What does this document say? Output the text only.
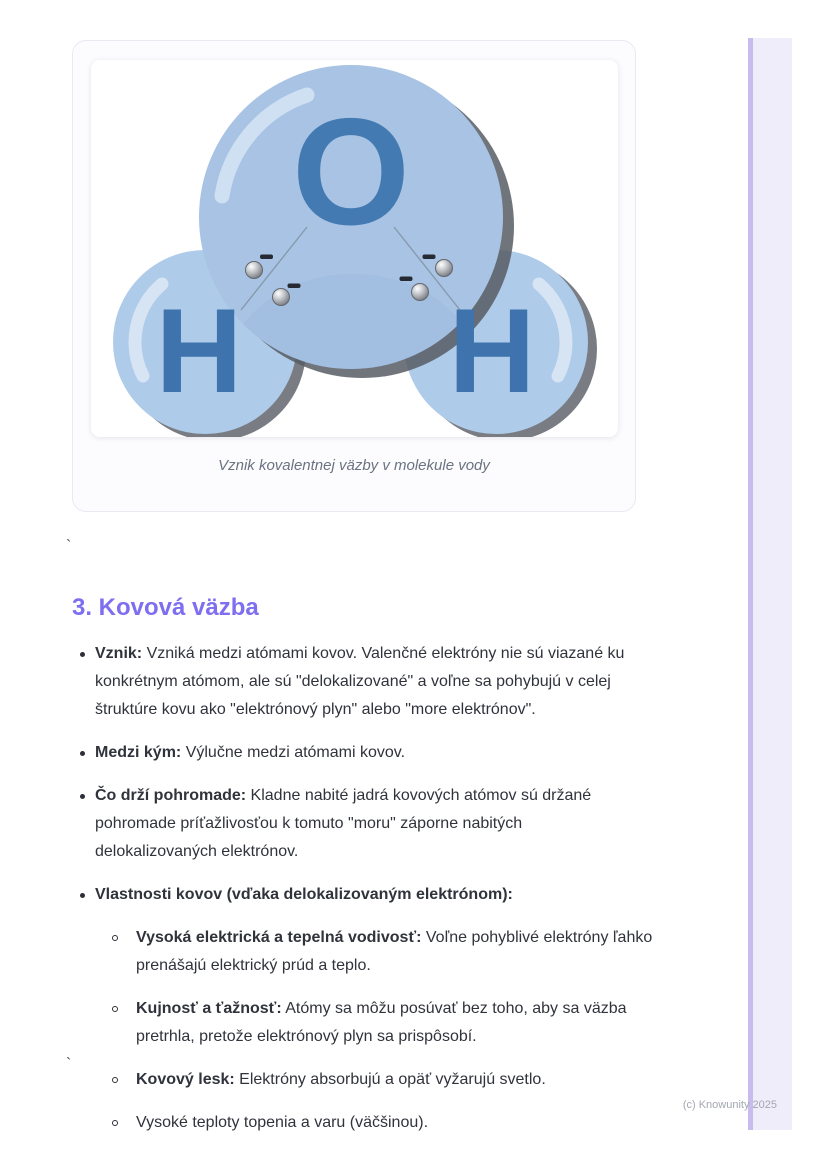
O
H H
Vznik kovalentnej väzby v molekule vody
`
`
3. Kovová väzba
Vznik: Vzniká medzi atómami kovov. Valenčné elektróny nie sú viazané ku konkrétnym atómom, ale sú "delokalizované" a voľne sa pohybujú v celej štruktúre kovu ako "elektrónový plyn" alebo "more elektrónov".
Medzi kým: Výlučne medzi atómami kovov.
Čo drží pohromade: Kladne nabité jadrá kovových atómov sú držané pohromade príťažlivosťou k tomuto "moru" záporne nabitých delokalizovaných elektrónov.
Vlastnosti kovov (vďaka delokalizovaným elektrónom):
Vysoká elektrická a tepelná vodivosť: Voľne pohyblivé elektróny ľahko prenášajú elektrický prúd a teplo.
Kujnosť a ťažnosť: Atómy sa môžu posúvať bez toho, aby sa väzba pretrhla, pretože elektrónový plyn sa prispôsobí.
Kovový lesk: Elektróny absorbujú a opäť vyžarujú svetlo.
Vysoké teploty topenia a varu (väčšinou).
(c) Knowunity 2025
